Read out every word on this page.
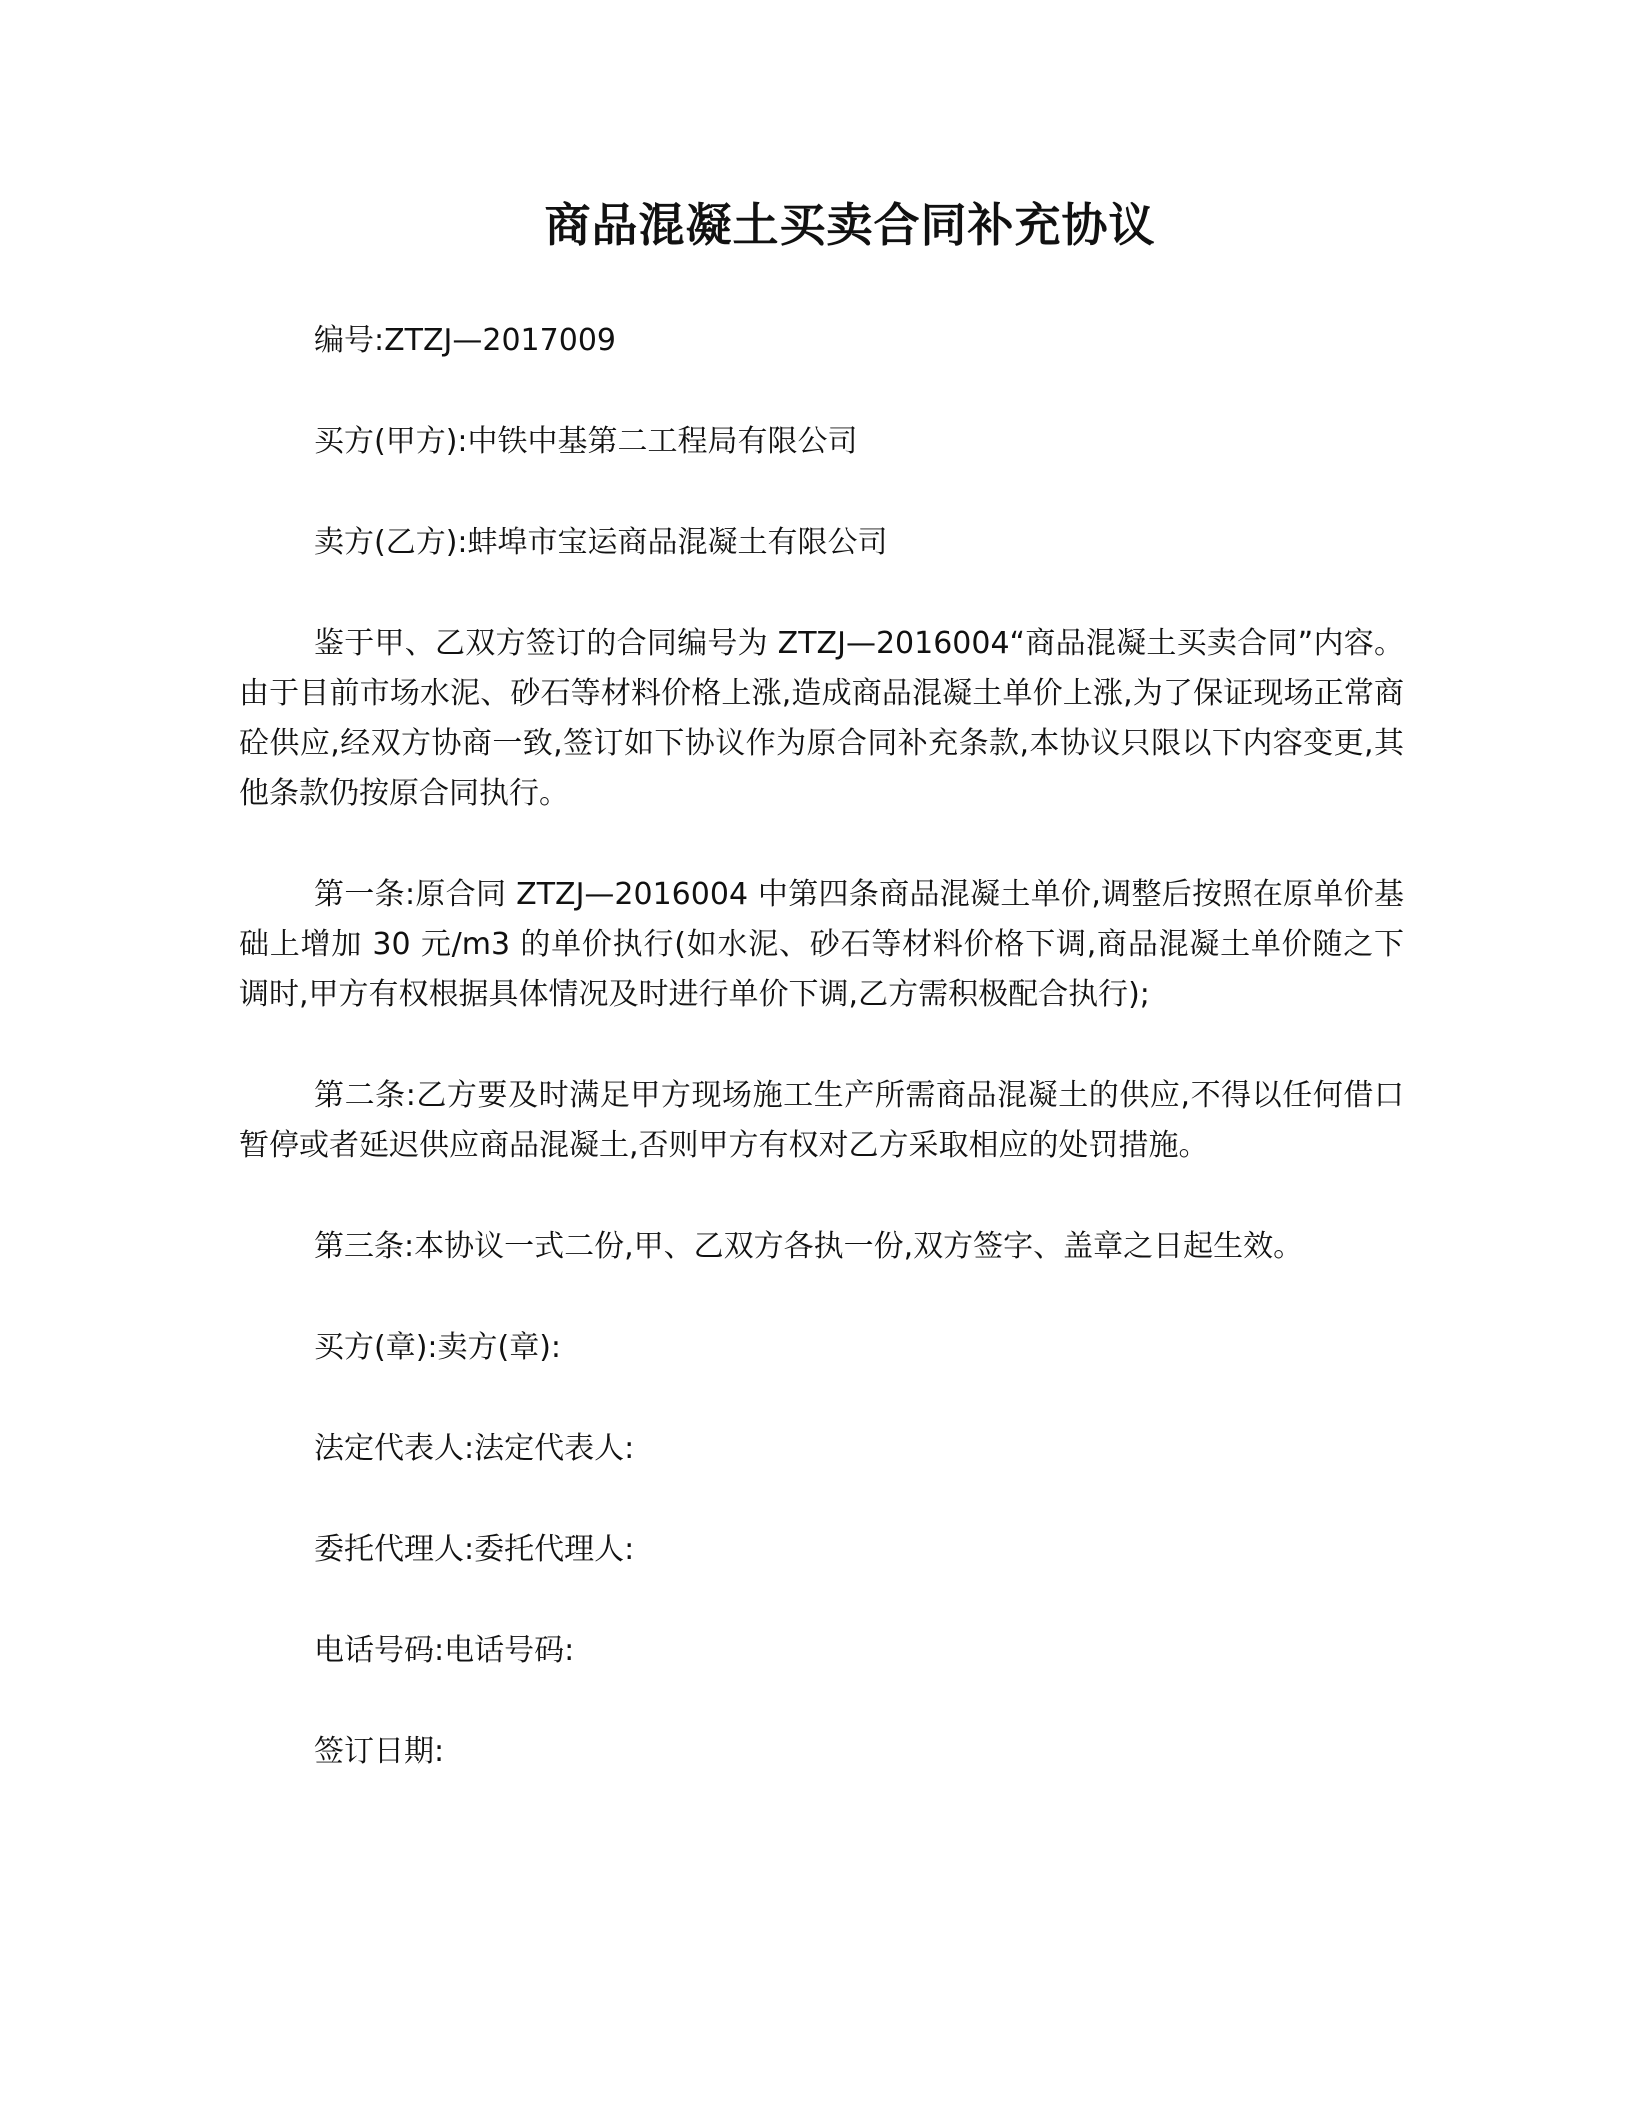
商品混凝土买卖合同补充协议

编号:ZTZJ—2017009

买方(甲方):中铁中基第二工程局有限公司

卖方(乙方):蚌埠市宝运商品混凝土有限公司

鉴于甲、乙双方签订的合同编号为 ZTZJ—2016004“商品混凝土买卖合同”内容。由于目前市场水泥、砂石等材料价格上涨,造成商品混凝土单价上涨,为了保证现场正常商砼供应,经双方协商一致,签订如下协议作为原合同补充条款,本协议只限以下内容变更,其他条款仍按原合同执行。

第一条:原合同 ZTZJ—2016004 中第四条商品混凝土单价,调整后按照在原单价基础上增加 30 元/m3 的单价执行(如水泥、砂石等材料价格下调,商品混凝土单价随之下调时,甲方有权根据具体情况及时进行单价下调,乙方需积极配合执行);

第二条:乙方要及时满足甲方现场施工生产所需商品混凝土的供应,不得以任何借口暂停或者延迟供应商品混凝土,否则甲方有权对乙方采取相应的处罚措施。

第三条:本协议一式二份,甲、乙双方各执一份,双方签字、盖章之日起生效。

买方(章):卖方(章):

法定代表人:法定代表人:

委托代理人:委托代理人:

电话号码:电话号码:

签订日期:
